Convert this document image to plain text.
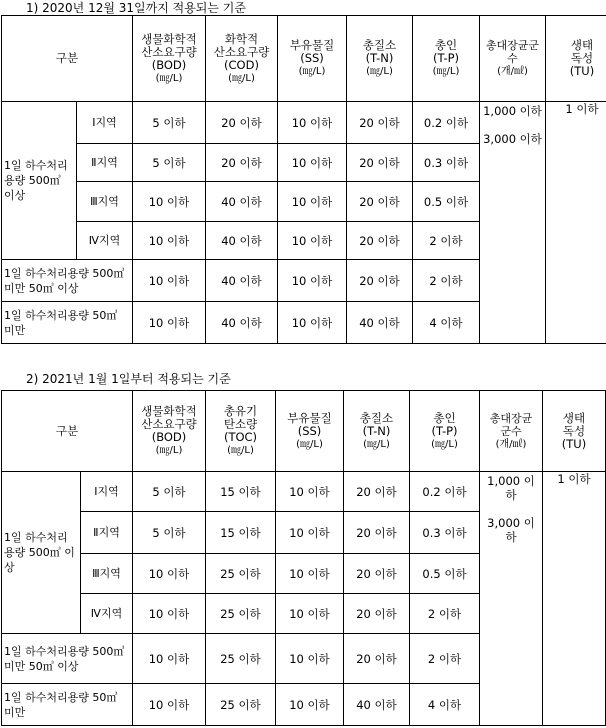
1) 2020년 12월 31일까지 적용되는 기준
구분		생물화학적
산소요구량
(BOD)
(㎎/L)	화학적
산소요구량
(COD)
(㎎/L)	부유물질
(SS)
(㎎/L)	총질소
(T-N)
(㎎/L)	총인
(T-P)
(㎎/L)	총대장균군
수
(개/㎖)	생태
독성
(TU)

1일 하수처리용량 500㎥ 이상	Ⅰ지역	5 이하	20 이하	10 이하	20 이하	0.2 이하	1,000 이하
3,000 이하	1 이하
	Ⅱ지역	5 이하	20 이하	10 이하	20 이하	0.3 이하		
	Ⅲ지역	10 이하	40 이하	10 이하	20 이하	0.5 이하		
	Ⅳ지역	10 이하	40 이하	10 이하	20 이하	2 이하		
1일 하수처리용량 500㎥ 미만 50㎥ 이상		10 이하	40 이하	10 이하	20 이하	2 이하		
1일 하수처리용량 50㎥ 미만		10 이하	40 이하	10 이하	40 이하	4 이하		
2) 2021년 1월 1일부터 적용되는 기준
구분		생물화학적
산소요구량
(BOD)
(㎎/L)	총유기
탄소량
(TOC)
(㎎/L)	부유물질
(SS)
(㎎/L)	총질소
(T-N)
(㎎/L)	총인
(T-P)
(㎎/L)	총대장균
군수
(개/㎖)	생태
독성
(TU)

1일 하수처리용량 500㎥ 이상	Ⅰ지역	5 이하	15 이하	10 이하	20 이하	0.2 이하	1,000 이하
3,000 이하	1 이하
	Ⅱ지역	5 이하	15 이하	10 이하	20 이하	0.3 이하		
	Ⅲ지역	10 이하	25 이하	10 이하	20 이하	0.5 이하		
	Ⅳ지역	10 이하	25 이하	10 이하	20 이하	2 이하		
1일 하수처리용량 500㎥ 미만 50㎥ 이상		10 이하	25 이하	10 이하	20 이하	2 이하		
1일 하수처리용량 50㎥ 미만		10 이하	25 이하	10 이하	40 이하	4 이하		
